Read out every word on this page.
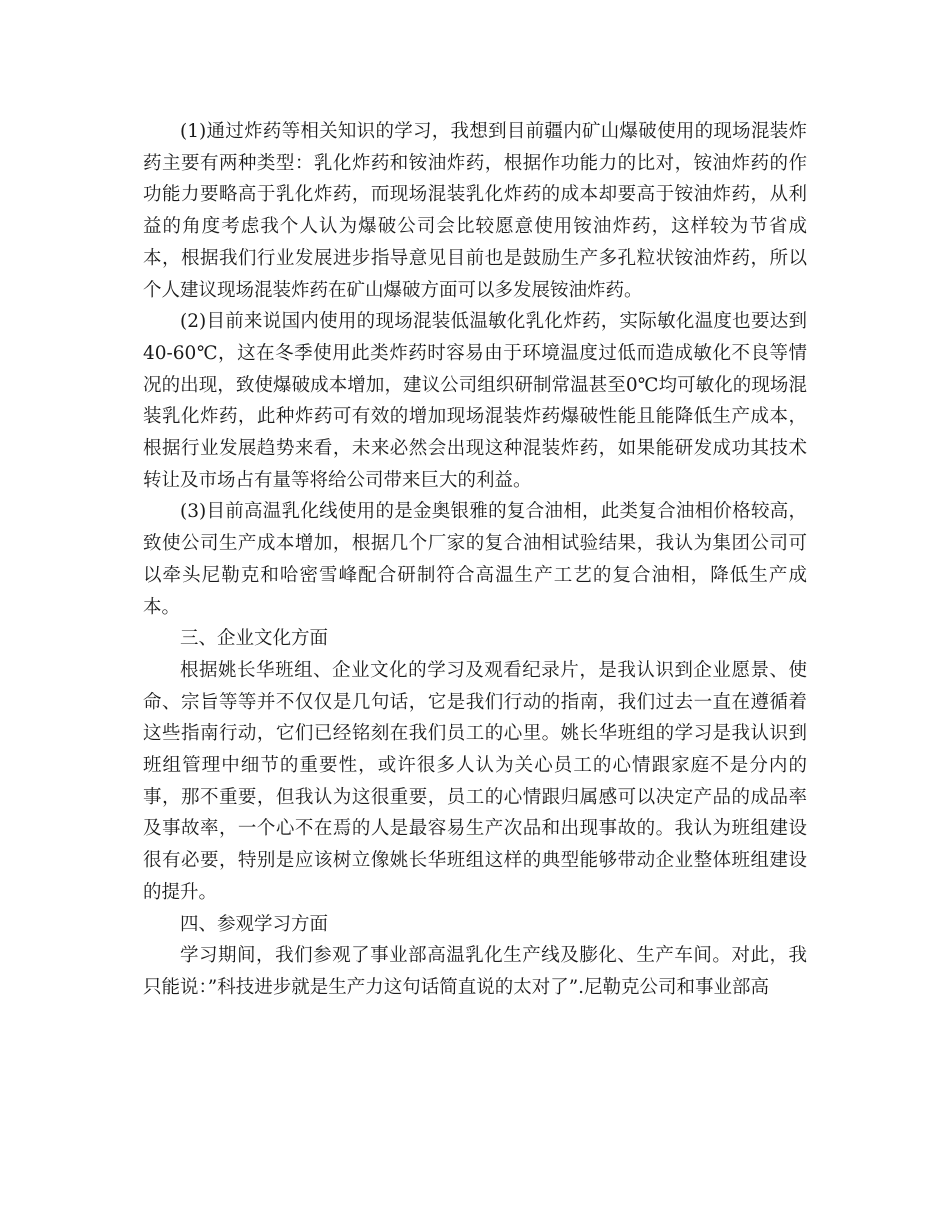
(1)通过炸药等相关知识的学习，我想到目前疆内矿山爆破使用的现场混装炸药主要有两种类型：乳化炸药和铵油炸药，根据作功能力的比对，铵油炸药的作功能力要略高于乳化炸药，而现场混装乳化炸药的成本却要高于铵油炸药，从利益的角度考虑我个人认为爆破公司会比较愿意使用铵油炸药，这样较为节省成本，根据我们行业发展进步指导意见目前也是鼓励生产多孔粒状铵油炸药，所以个人建议现场混装炸药在矿山爆破方面可以多发展铵油炸药。

(2)目前来说国内使用的现场混装低温敏化乳化炸药，实际敏化温度也要达到40-60℃，这在冬季使用此类炸药时容易由于环境温度过低而造成敏化不良等情况的出现，致使爆破成本增加，建议公司组织研制常温甚至0℃均可敏化的现场混装乳化炸药，此种炸药可有效的增加现场混装炸药爆破性能且能降低生产成本，根据行业发展趋势来看，未来必然会出现这种混装炸药，如果能研发成功其技术转让及市场占有量等将给公司带来巨大的利益。

(3)目前高温乳化线使用的是金奥银雅的复合油相，此类复合油相价格较高，致使公司生产成本增加，根据几个厂家的复合油相试验结果，我认为集团公司可以牵头尼勒克和哈密雪峰配合研制符合高温生产工艺的复合油相，降低生产成本。

三、企业文化方面

根据姚长华班组、企业文化的学习及观看纪录片，是我认识到企业愿景、使命、宗旨等等并不仅仅是几句话，它是我们行动的指南，我们过去一直在遵循着这些指南行动，它们已经铭刻在我们员工的心里。姚长华班组的学习是我认识到班组管理中细节的重要性，或许很多人认为关心员工的心情跟家庭不是分内的事，那不重要，但我认为这很重要，员工的心情跟归属感可以决定产品的成品率及事故率，一个心不在焉的人是最容易生产次品和出现事故的。我认为班组建设很有必要，特别是应该树立像姚长华班组这样的典型能够带动企业整体班组建设的提升。

四、参观学习方面

学习期间，我们参观了事业部高温乳化生产线及膨化、生产车间。对此，我只能说：”科技进步就是生产力这句话简直说的太对了”.尼勒克公司和事业部高
